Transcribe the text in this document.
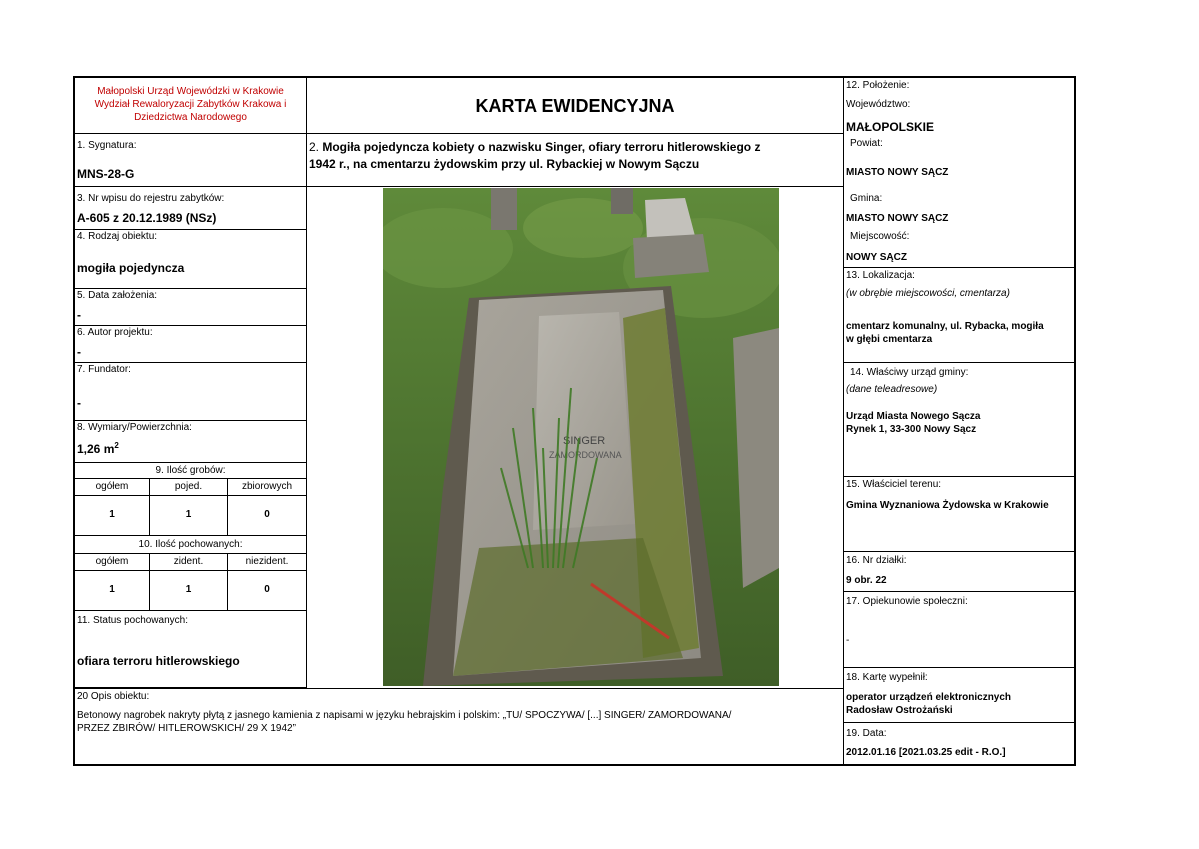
Małopolski Urząd Wojewódzki w Krakowie
Wydział Rewaloryzacji Zabytków Krakowa i
Dziedzictwa Narodowego
KARTA EWIDENCYJNA
1. Sygnatura:
MNS-28-G
3. Nr wpisu do rejestru zabytków:
A-605 z 20.12.1989 (NSz)
4. Rodzaj obiektu:
mogiła pojedyncza
5. Data założenia:
-
6. Autor projektu:
-
7. Fundator:
-
8. Wymiary/Powierzchnia:
1,26 $m^2$
9. Ilość grobów:
ogółem	pojed.	zbiorowych
1	1	0
10. Ilość pochowanych:
ogółem	zident.	niezident.
1	1	0
11. Status pochowanych:
ofiara terroru hitlerowskiego
2. Mogiła pojedyncza kobiety o nazwisku Singer, ofiary terroru hitlerowskiego z
1942 r., na cmentarzu żydowskim przy ul. Rybackiej w Nowym Sączu
12. Położenie:
Województwo:
MAŁOPOLSKIE
Powiat:
MIASTO NOWY SĄCZ
Gmina:
MIASTO NOWY SĄCZ
Miejscowość:
NOWY SĄCZ
13. Lokalizacja:
(w obrębie miejscowości, cmentarza)
cmentarz komunalny, ul. Rybacka, mogiła
w głębi cmentarza
14. Właściwy urząd gminy:
(dane teleadresowe)
Urząd Miasta Nowego Sącza
Rynek 1, 33-300 Nowy Sącz
15. Właściciel terenu:
Gmina Wyznaniowa Żydowska w Krakowie
16. Nr działki:
9 obr. 22
17. Opiekunowie społeczni:
-
18. Kartę wypełnił:
operator urządzeń elektronicznych
Radosław Ostrożański
19. Data:
2012.01.16 [2021.03.25 edit - R.O.]
20 Opis obiektu:
Betonowy nagrobek nakryty płytą z jasnego kamienia z napisami w języku hebrajskim i polskim: „TU/ SPOCZYWA/ [...] SINGER/ ZAMORDOWANA/
PRZEZ ZBIRÓW/ HITLEROWSKICH/ 29 X 1942”
SINGER
ZAMORDOWANA
